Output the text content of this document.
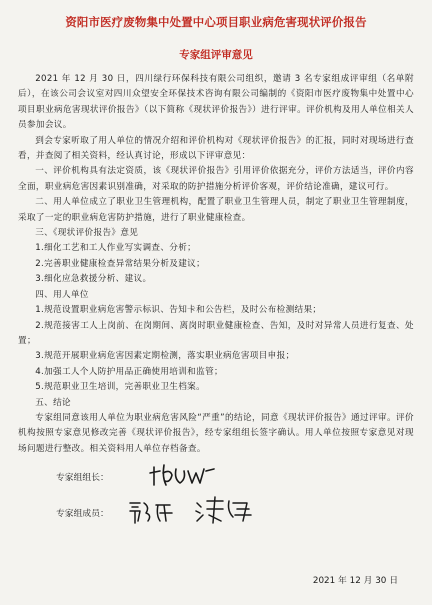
资阳市医疗废物集中处置中心项目职业病危害现状评价报告
专家组评审意见

2021 年 12 月 30 日，四川绿行环保科技有限公司组织，邀请 3 名专家组成评审组（名单附后），在该公司会议室对四川众望安全环保技术咨询有限公司编制的《资阳市医疗废物集中处置中心项目职业病危害现状评价报告》（以下简称《现状评价报告》）进行评审。评价机构及用人单位相关人员参加会议。

到会专家听取了用人单位的情况介绍和评价机构对《现状评价报告》的汇报，同时对现场进行查看，并查阅了相关资料，经认真讨论，形成以下评审意见：

一、评价机构具有法定资质，该《现状评价报告》引用评价依据充分，评价方法适当，评价内容全面，职业病危害因素识别准确，对采取的防护措施分析评价客观，评价结论准确，建议可行。

二、用人单位成立了职业卫生管理机构，配置了职业卫生管理人员，制定了职业卫生管理制度，采取了一定的职业病危害防护措施，进行了职业健康检查。

三、《现状评价报告》意见

1.细化工艺和工人作业写实调查、分析；

2.完善职业健康检查异常结果分析及建议；

3.细化应急救援分析、建议。

四、用人单位

1.规范设置职业病危害警示标识、告知卡和公告栏，及时公布检测结果；

2.规范接害工人上岗前、在岗期间、离岗时职业健康检查、告知，及时对异常人员进行复查、处置；

3.规范开展职业病危害因素定期检测，落实职业病危害项目申报；

4.加强工人个人防护用品正确使用培训和监管；

5.规范职业卫生培训，完善职业卫生档案。

五、结论

专家组同意该用人单位为职业病危害风险“严重”的结论，同意《现状评价报告》通过评审。评价机构按照专家意见修改完善《现状评价报告》，经专家组组长签字确认。用人单位按照专家意见对现场问题进行整改。相关资料用人单位存档备查。

专家组组长：
专家组成员：
2021 年 12 月 30 日
